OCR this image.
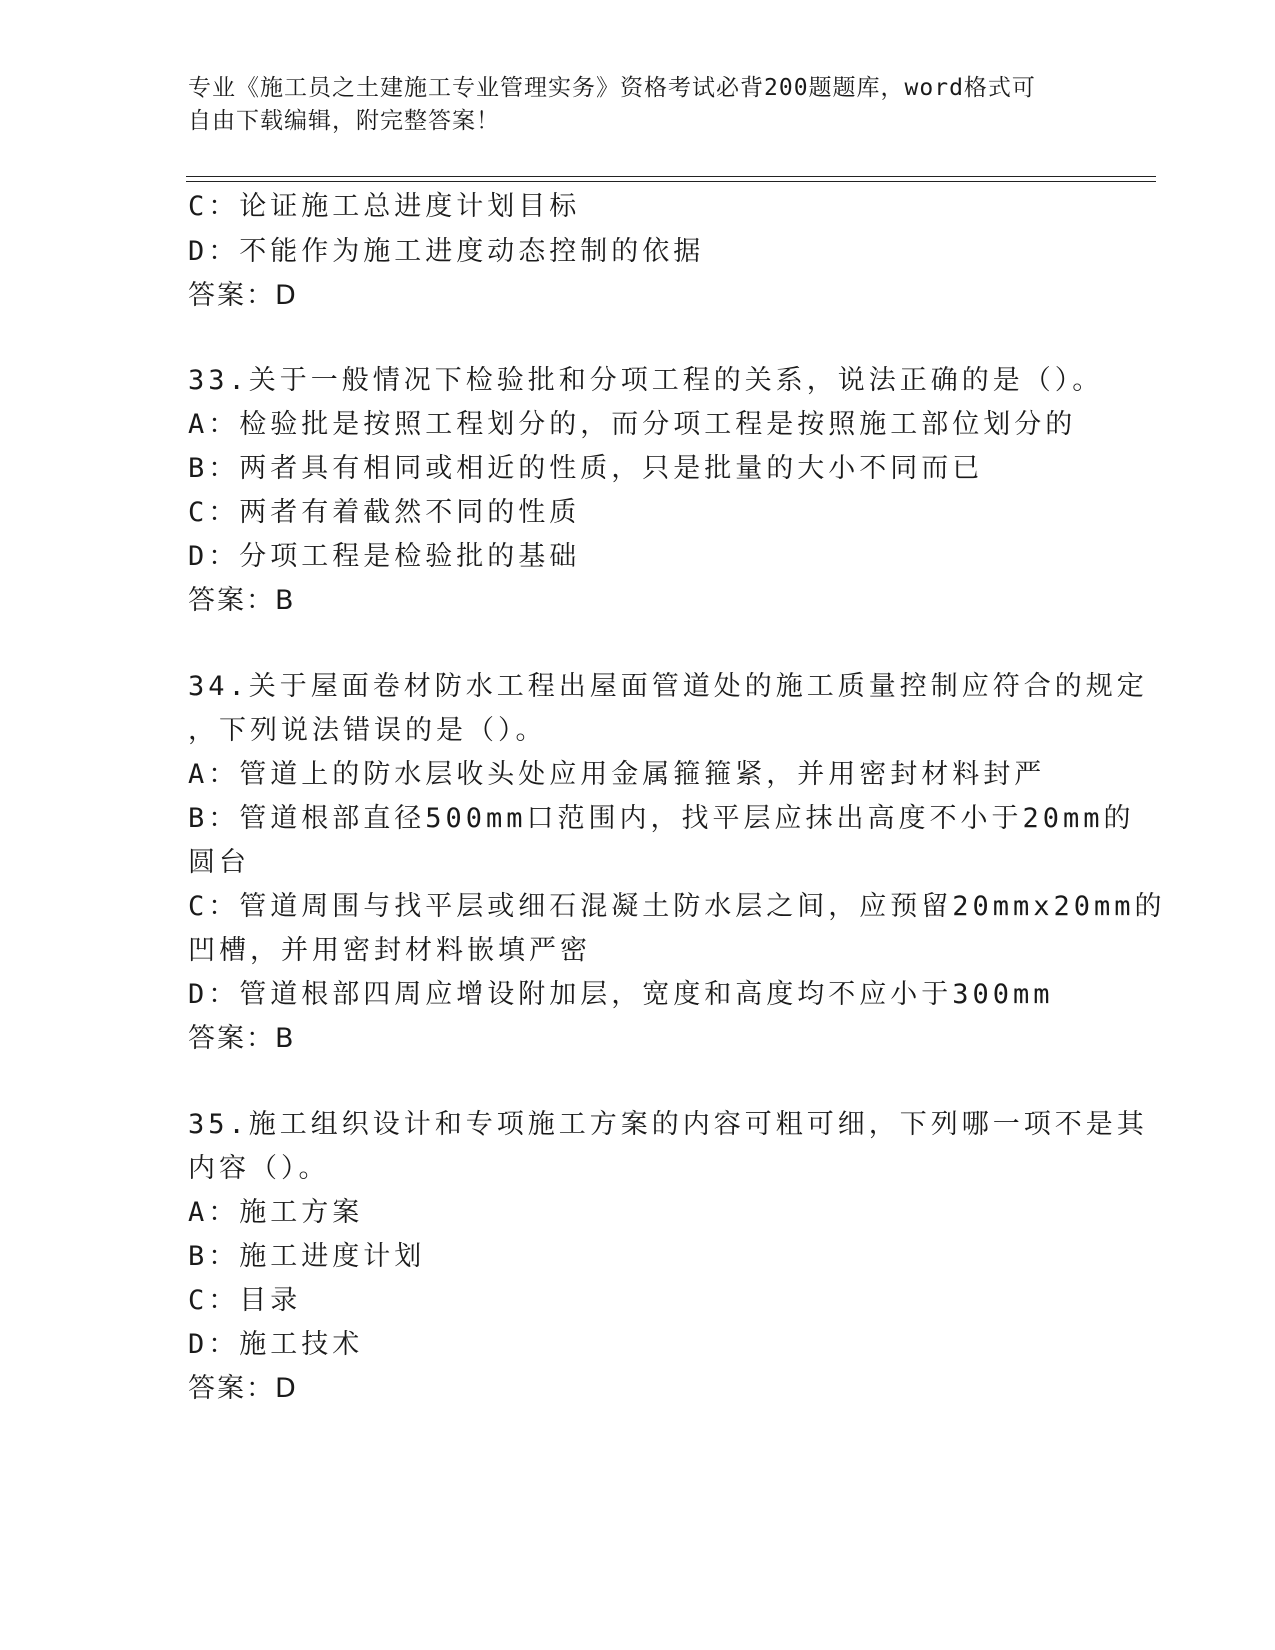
专业《施工员之土建施工专业管理实务》资格考试必背200题题库，word格式可
自由下载编辑，附完整答案！
C：论证施工总进度计划目标
D：不能作为施工进度动态控制的依据
答案：D
33.关于一般情况下检验批和分项工程的关系，说法正确的是（）。
A：检验批是按照工程划分的，而分项工程是按照施工部位划分的
B：两者具有相同或相近的性质，只是批量的大小不同而已
C：两者有着截然不同的性质
D：分项工程是检验批的基础
答案：B
34.关于屋面卷材防水工程出屋面管道处的施工质量控制应符合的规定
，下列说法错误的是（）。
A：管道上的防水层收头处应用金属箍箍紧，并用密封材料封严
B：管道根部直径500mm口范围内，找平层应抹出高度不小于20mm的
圆台
C：管道周围与找平层或细石混凝土防水层之间，应预留20mmx20mm的
凹槽，并用密封材料嵌填严密
D：管道根部四周应增设附加层，宽度和高度均不应小于300mm
答案：B
35.施工组织设计和专项施工方案的内容可粗可细，下列哪一项不是其
内容（）。
A：施工方案
B：施工进度计划
C：目录
D：施工技术
答案：D
